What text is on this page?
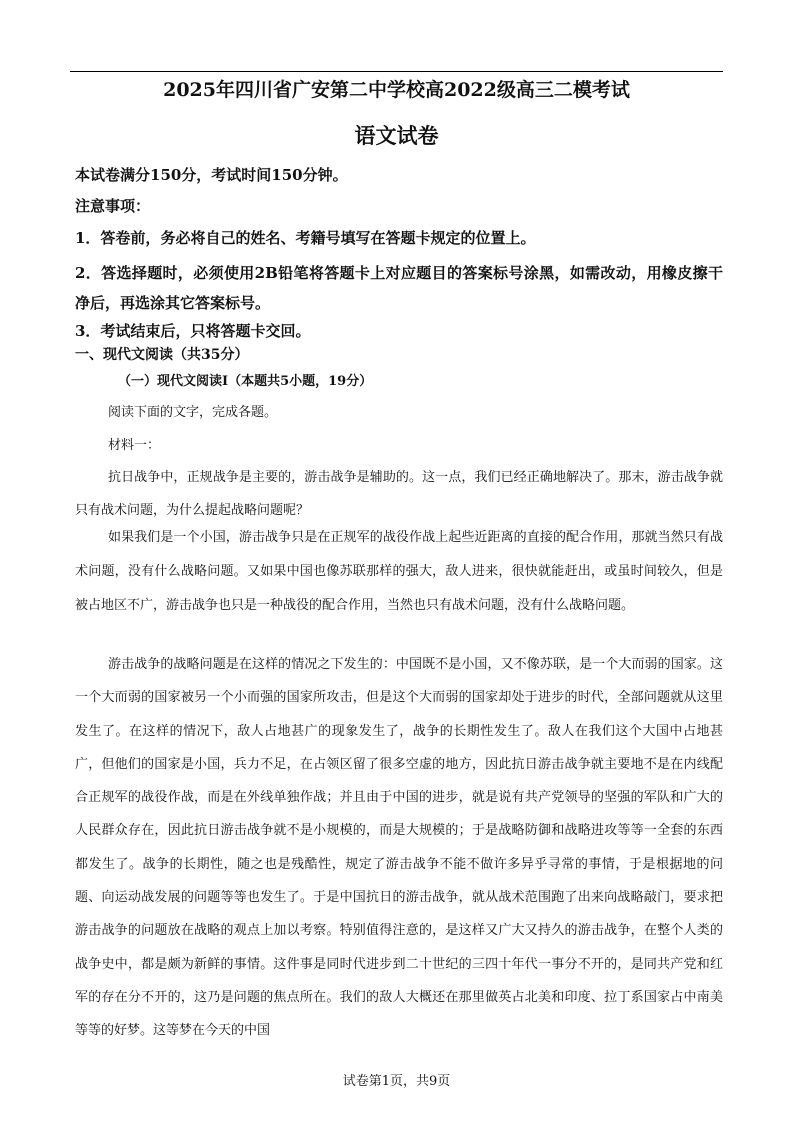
2025年四川省广安第二中学校高2022级高三二模考试
语文试卷
本试卷满分150分，考试时间150分钟。
注意事项：
1．答卷前，务必将自己的姓名、考籍号填写在答题卡规定的位置上。
2．答选择题时，必须使用2B铅笔将答题卡上对应题目的答案标号涂黑，如需改动，用橡皮擦干净后，再选涂其它答案标号。
3．考试结束后，只将答题卡交回。
一、现代文阅读（共35分）
（一）现代文阅读Ⅰ（本题共5小题，19分）
阅读下面的文字，完成各题。
材料一：
抗日战争中，正规战争是主要的，游击战争是辅助的。这一点，我们已经正确地解决了。那末，游击战争就只有战术问题，为什么提起战略问题呢？
如果我们是一个小国，游击战争只是在正规军的战役作战上起些近距离的直接的配合作用，那就当然只有战术问题，没有什么战略问题。又如果中国也像苏联那样的强大，敌人进来，很快就能赶出，或虽时间较久，但是被占地区不广，游击战争也只是一种战役的配合作用，当然也只有战术问题，没有什么战略问题。
游击战争的战略问题是在这样的情况之下发生的：中国既不是小国，又不像苏联，是一个大而弱的国家。这一个大而弱的国家被另一个小而强的国家所攻击，但是这个大而弱的国家却处于进步的时代，全部问题就从这里发生了。在这样的情况下，敌人占地甚广的现象发生了，战争的长期性发生了。敌人在我们这个大国中占地甚广，但他们的国家是小国，兵力不足，在占领区留了很多空虚的地方，因此抗日游击战争就主要地不是在内线配合正规军的战役作战，而是在外线单独作战；并且由于中国的进步，就是说有共产党领导的坚强的军队和广大的人民群众存在，因此抗日游击战争就不是小规模的，而是大规模的；于是战略防御和战略进攻等等一全套的东西都发生了。战争的长期性，随之也是残酷性，规定了游击战争不能不做许多异乎寻常的事情，于是根据地的问题、向运动战发展的问题等等也发生了。于是中国抗日的游击战争，就从战术范围跑了出来向战略敲门，要求把游击战争的问题放在战略的观点上加以考察。特别值得注意的，是这样又广大又持久的游击战争，在整个人类的战争史中，都是颇为新鲜的事情。这件事是同时代进步到二十世纪的三四十年代一事分不开的，是同共产党和红军的存在分不开的，这乃是问题的焦点所在。我们的敌人大概还在那里做英占北美和印度、拉丁系国家占中南美等等的好梦。这等梦在今天的中国
试卷第1页，共9页
